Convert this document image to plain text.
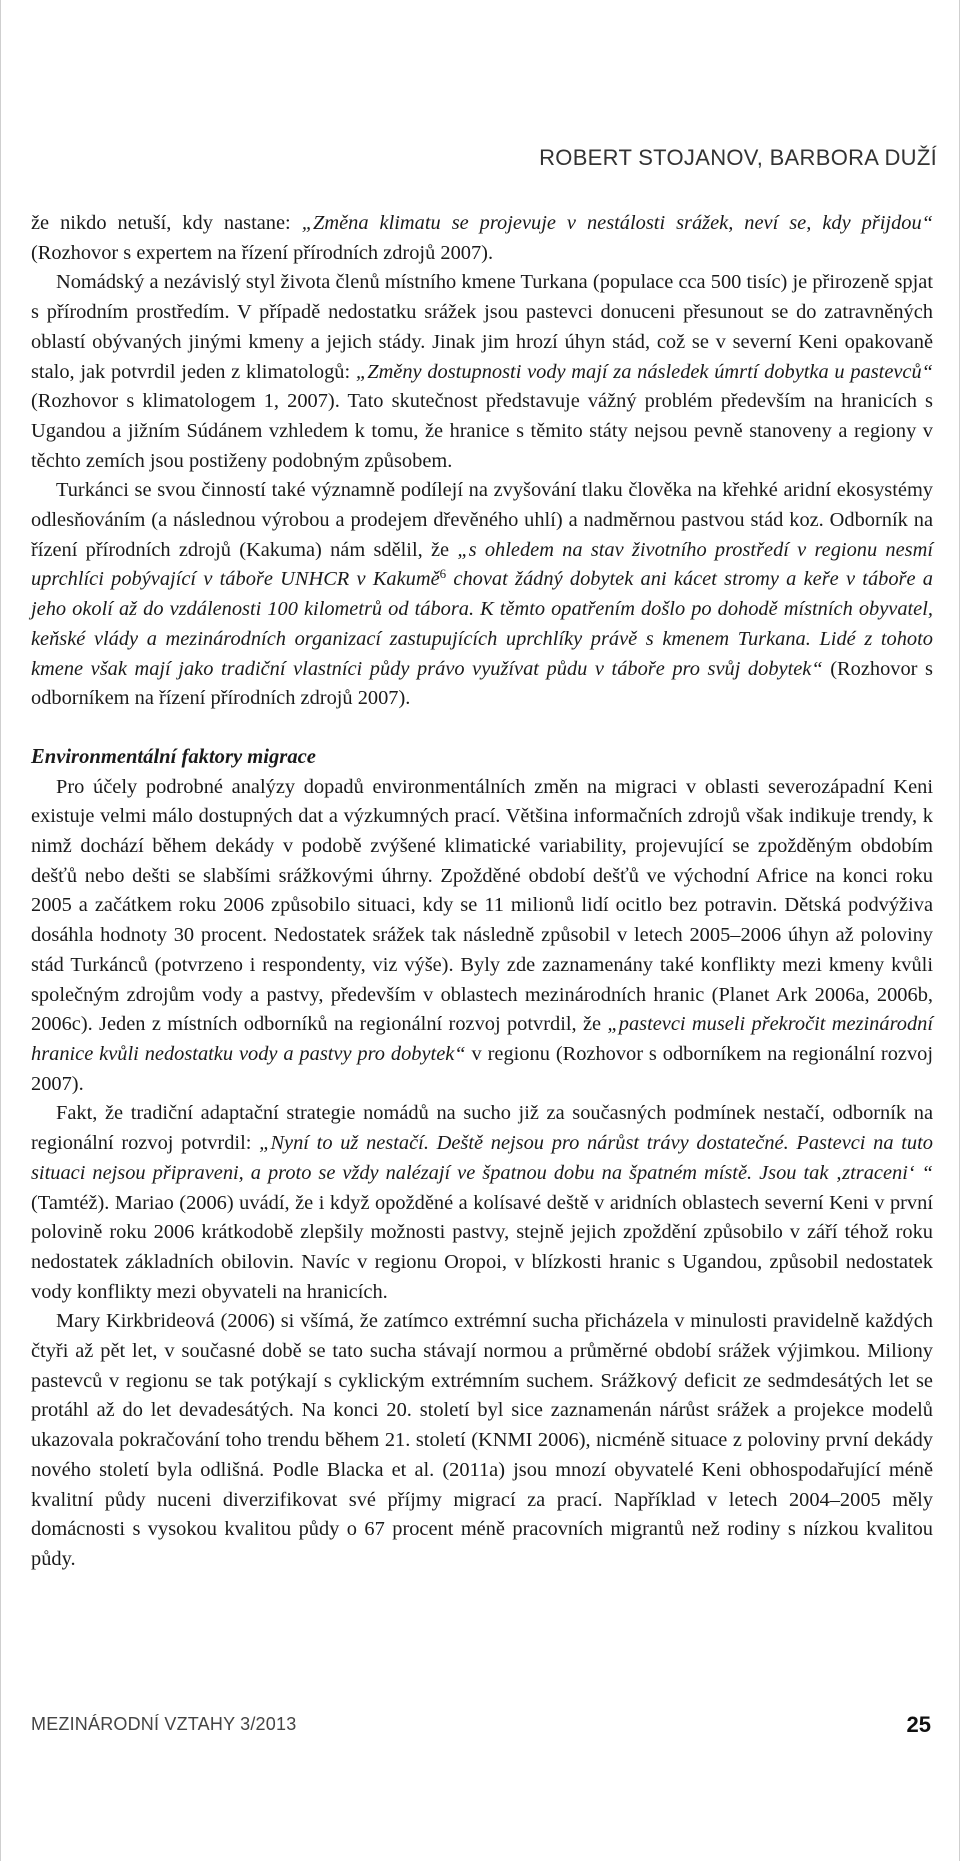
ROBERT STOJANOV, BARBORA DUŽÍ

že nikdo netuší, kdy nastane: „Změna klimatu se projevuje v nestálosti srážek, neví se, kdy přijdou“ (Rozhovor s expertem na řízení přírodních zdrojů 2007).

Nomádský a nezávislý styl života členů místního kmene Turkana (populace cca 500 tisíc) je přirozeně spjat s přírodním prostředím. V případě nedostatku srážek jsou pastevci donuceni přesunout se do zatravněných oblastí obývaných jinými kmeny a jejich stády. Jinak jim hrozí úhyn stád, což se v severní Keni opakovaně stalo, jak potvrdil jeden z klimatologů: „Změny dostupnosti vody mají za následek úmrtí dobytka u pastevců“ (Rozhovor s klimatologem 1, 2007). Tato skutečnost představuje vážný problém především na hranicích s Ugandou a jižním Súdánem vzhledem k tomu, že hranice s těmito státy nejsou pevně stanoveny a regiony v těchto zemích jsou postiženy podobným způsobem.

Turkánci se svou činností také významně podílejí na zvyšování tlaku člověka na křehké aridní ekosystémy odlesňováním (a následnou výrobou a prodejem dřevěného uhlí) a nadměrnou pastvou stád koz. Odborník na řízení přírodních zdrojů (Kakuma) nám sdělil, že „s ohledem na stav životního prostředí v regionu nesmí uprchlíci pobývající v táboře UNHCR v Kakumě$^6$ chovat žádný dobytek ani kácet stromy a keře v táboře a jeho okolí až do vzdálenosti 100 kilometrů od tábora. K těmto opatřením došlo po dohodě místních obyvatel, keňské vlády a mezinárodních organizací zastupujících uprchlíky právě s kmenem Turkana. Lidé z tohoto kmene však mají jako tradiční vlastníci půdy právo využívat půdu v táboře pro svůj dobytek“ (Rozhovor s odborníkem na řízení přírodních zdrojů 2007).

Environmentální faktory migrace

Pro účely podrobné analýzy dopadů environmentálních změn na migraci v oblasti severozápadní Keni existuje velmi málo dostupných dat a výzkumných prací. Většina informačních zdrojů však indikuje trendy, k nimž dochází během dekády v podobě zvýšené klimatické variability, projevující se zpožděným obdobím dešťů nebo dešti se slabšími srážkovými úhrny. Zpožděné období dešťů ve východní Africe na konci roku 2005 a začátkem roku 2006 způsobilo situaci, kdy se 11 milionů lidí ocitlo bez potravin. Dětská podvýživa dosáhla hodnoty 30 procent. Nedostatek srážek tak následně způsobil v letech 2005–2006 úhyn až poloviny stád Turkánců (potvrzeno i respondenty, viz výše). Byly zde zaznamenány také konflikty mezi kmeny kvůli společným zdrojům vody a pastvy, především v oblastech mezinárodních hranic (Planet Ark 2006a, 2006b, 2006c). Jeden z místních odborníků na regionální rozvoj potvrdil, že „pastevci museli překročit mezinárodní hranice kvůli nedostatku vody a pastvy pro dobytek“ v regionu (Rozhovor s odborníkem na regionální rozvoj 2007).

Fakt, že tradiční adaptační strategie nomádů na sucho již za současných podmínek nestačí, odborník na regionální rozvoj potvrdil: „Nyní to už nestačí. Deště nejsou pro nárůst trávy dostatečné. Pastevci na tuto situaci nejsou připraveni, a proto se vždy nalézají ve špatnou dobu na špatném místě. Jsou tak ‚ztraceni‘ “ (Tamtéž). Mariao (2006) uvádí, že i když opožděné a kolísavé deště v aridních oblastech severní Keni v první polovině roku 2006 krátkodobě zlepšily možnosti pastvy, stejně jejich zpoždění způsobilo v září téhož roku nedostatek základních obilovin. Navíc v regionu Oropoi, v blízkosti hranic s Ugandou, způsobil nedostatek vody konflikty mezi obyvateli na hranicích.

Mary Kirkbrideová (2006) si všímá, že zatímco extrémní sucha přicházela v minulosti pravidelně každých čtyři až pět let, v současné době se tato sucha stávají normou a průměrné období srážek výjimkou. Miliony pastevců v regionu se tak potýkají s cyklickým extrémním suchem. Srážkový deficit ze sedmdesátých let se protáhl až do let devadesátých. Na konci 20. století byl sice zaznamenán nárůst srážek a projekce modelů ukazovala pokračování toho trendu během 21. století (KNMI 2006), nicméně situace z poloviny první dekády nového století byla odlišná. Podle Blacka et al. (2011a) jsou mnozí obyvatelé Keni obhospodařující méně kvalitní půdy nuceni diverzifikovat své příjmy migrací za prací. Například v letech 2004–2005 měly domácnosti s vysokou kvalitou půdy o 67 procent méně pracovních migrantů než rodiny s nízkou kvalitou půdy.

MEZINÁRODNÍ VZTAHY 3/2013	25
